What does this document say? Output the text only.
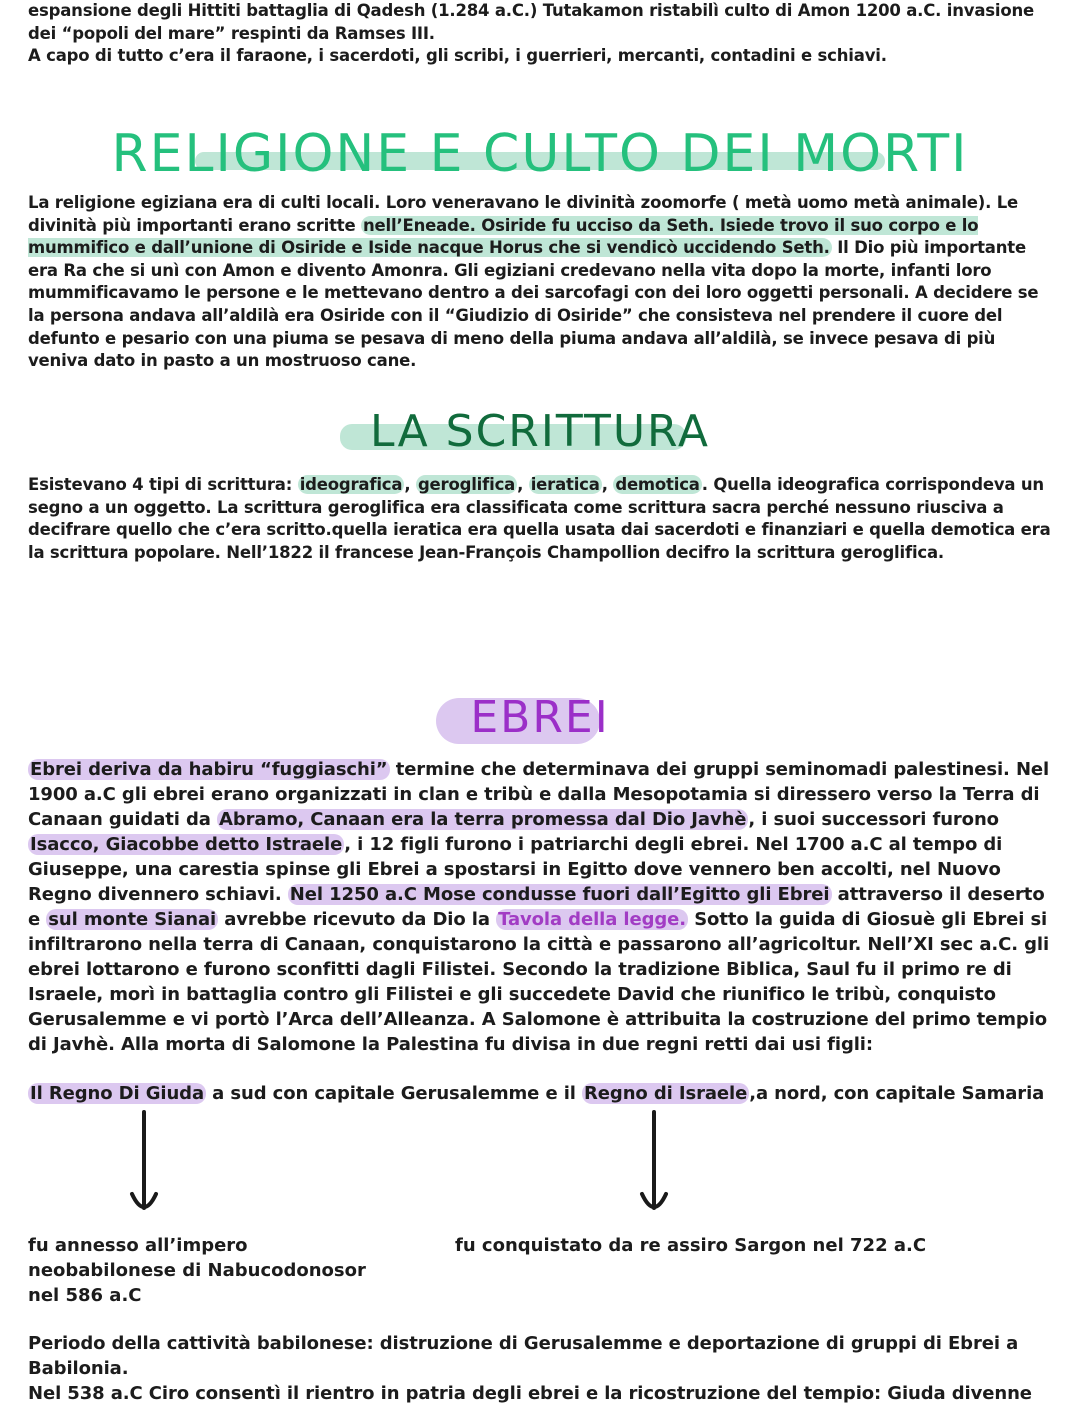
espansione degli Hittiti battaglia di Qadesh (1.284 a.C.) Tutakamon ristabilì culto di Amon 1200 a.C. invasione
dei “popoli del mare” respinti da Ramses III.
A capo di tutto c’era il faraone, i sacerdoti, gli scribi, i guerrieri, mercanti, contadini e schiavi.
RELIGIONE E CULTO DEI MORTI
La religione egiziana era di culti locali. Loro veneravano le divinità zoomorfe ( metà uomo metà animale). Le divinità più importanti erano scritte nell’Eneade. Osiride fu ucciso da Seth. Isiede trovo il suo corpo e lo mummifico e dall’unione di Osiride e Iside nacque Horus che si vendicò uccidendo Seth. Il Dio più importante era Ra che si unì con Amon e divento Amonra. Gli egiziani credevano nella vita dopo la morte, infanti loro mummificavamo le persone e le mettevano dentro a dei sarcofagi con dei loro oggetti personali. A decidere se la persona andava all’aldilà era Osiride con il “Giudizio di Osiride” che consisteva nel prendere il cuore del defunto e pesario con una piuma se pesava di meno della piuma andava all’aldilà, se invece pesava di più veniva dato in pasto a un mostruoso cane.
LA SCRITTURA
Esistevano 4 tipi di scrittura: ideografica , geroglifica , ieratica , demotica . Quella ideografica corrispondeva un segno a un oggetto. La scrittura geroglifica era classificata come scrittura sacra perché nessuno riusciva a decifrare quello che c’era scritto.quella ieratica era quella usata dai sacerdoti e finanziari e quella demotica era la scrittura popolare. Nell’1822 il francese Jean-François Champollion decifro la scrittura geroglifica.
EBREI
Ebrei deriva da habiru “fuggiaschi” termine che determinava dei gruppi seminomadi palestinesi. Nel 1900 a.C gli ebrei erano organizzati in clan e tribù e dalla Mesopotamia si diressero verso la Terra di Canaan guidati da Abramo, Canaan era la terra promessa dal Dio Javhè , i suoi successori furono Isacco, Giacobbe detto Istraele , i 12 figli furono i patriarchi degli ebrei. Nel 1700 a.C al tempo di Giuseppe, una carestia spinse gli Ebrei a spostarsi in Egitto dove vennero ben accolti, nel Nuovo Regno divennero schiavi. Nel 1250 a.C Mose condusse fuori dall’Egitto gli Ebrei attraverso il deserto e sul monte Sianai avrebbe ricevuto da Dio la Tavola della legge. Sotto la guida di Giosuè gli Ebrei si infiltrarono nella terra di Canaan, conquistarono la città e passarono all’agricoltur. Nell’XI sec a.C. gli ebrei lottarono e furono sconfitti dagli Filistei. Secondo la tradizione Biblica, Saul fu il primo re di Israele, morì in battaglia contro gli Filistei e gli succedete David che riunifico le tribù, conquisto Gerusalemme e vi portò l’Arca dell’Alleanza. A Salomone è attribuita la costruzione del primo tempio di Javhè. Alla morta di Salomone la Palestina fu divisa in due regni retti dai usi figli:
Il Regno Di Giuda a sud con capitale Gerusalemme e il Regno di Israele ,a nord, con capitale Samaria
fu annesso all’impero neobabilonese di Nabucodonosor nel 586 a.C
fu conquistato da re assiro Sargon nel 722 a.C
Periodo della cattività babilonese: distruzione di Gerusalemme e deportazione di gruppi di Ebrei a Babilonia.
Nel 538 a.C Ciro consentì il rientro in patria degli ebrei e la ricostruzione del tempio: Giuda divenne
